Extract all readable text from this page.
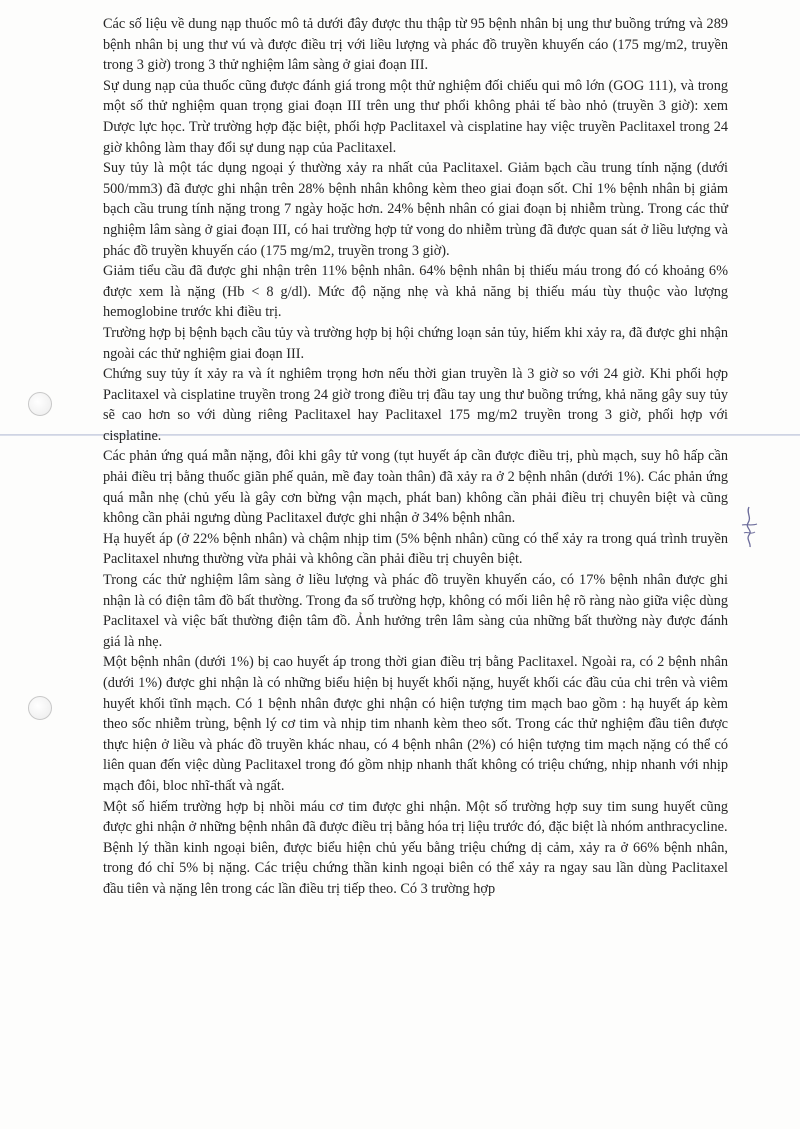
Các số liệu về dung nạp thuốc mô tả dưới đây được thu thập từ 95 bệnh nhân bị ung thư buồng trứng và 289 bệnh nhân bị ung thư vú và được điều trị với liều lượng và phác đồ truyền khuyến cáo (175 mg/m2, truyền trong 3 giờ) trong 3 thử nghiệm lâm sàng ở giai đoạn III.

Sự dung nạp của thuốc cũng được đánh giá trong một thử nghiệm đối chiếu qui mô lớn (GOG 111), và trong một số thử nghiệm quan trọng giai đoạn III trên ung thư phổi không phải tế bào nhỏ (truyền 3 giờ): xem Dược lực học. Trừ trường hợp đặc biệt, phối hợp Paclitaxel và cisplatine hay việc truyền Paclitaxel trong 24 giờ không làm thay đổi sự dung nạp của Paclitaxel.

Suy tủy là một tác dụng ngoại ý thường xảy ra nhất của Paclitaxel. Giảm bạch cầu trung tính nặng (dưới 500/mm3) đã được ghi nhận trên 28% bệnh nhân không kèm theo giai đoạn sốt. Chỉ 1% bệnh nhân bị giảm bạch cầu trung tính nặng trong 7 ngày hoặc hơn. 24% bệnh nhân có giai đoạn bị nhiễm trùng. Trong các thử nghiệm lâm sàng ở giai đoạn III, có hai trường hợp tử vong do nhiễm trùng đã được quan sát ở liều lượng và phác đồ truyền khuyến cáo (175 mg/m2, truyền trong 3 giờ).

Giảm tiểu cầu đã được ghi nhận trên 11% bệnh nhân. 64% bệnh nhân bị thiếu máu trong đó có khoảng 6% được xem là nặng (Hb < 8 g/dl). Mức độ nặng nhẹ và khả năng bị thiếu máu tùy thuộc vào lượng hemoglobine trước khi điều trị.

Trường hợp bị bệnh bạch cầu tủy và trường hợp bị hội chứng loạn sản tủy, hiếm khi xảy ra, đã được ghi nhận ngoài các thử nghiệm giai đoạn III.

Chứng suy tủy ít xảy ra và ít nghiêm trọng hơn nếu thời gian truyền là 3 giờ so với 24 giờ. Khi phối hợp Paclitaxel và cisplatine truyền trong 24 giờ trong điều trị đầu tay ung thư buồng trứng, khả năng gây suy tủy sẽ cao hơn so với dùng riêng Paclitaxel hay Paclitaxel 175 mg/m2 truyền trong 3 giờ, phối hợp với cisplatine.

Các phản ứng quá mẫn nặng, đôi khi gây tử vong (tụt huyết áp cần được điều trị, phù mạch, suy hô hấp cần phải điều trị bằng thuốc giãn phế quản, mề đay toàn thân) đã xảy ra ở 2 bệnh nhân (dưới 1%). Các phản ứng quá mẫn nhẹ (chủ yếu là gây cơn bừng vận mạch, phát ban) không cần phải điều trị chuyên biệt và cũng không cần phải ngưng dùng Paclitaxel được ghi nhận ở 34% bệnh nhân.

Hạ huyết áp (ở 22% bệnh nhân) và chậm nhịp tim (5% bệnh nhân) cũng có thể xảy ra trong quá trình truyền Paclitaxel nhưng thường vừa phải và không cần phải điều trị chuyên biệt.

Trong các thử nghiệm lâm sàng ở liều lượng và phác đồ truyền khuyến cáo, có 17% bệnh nhân được ghi nhận là có điện tâm đồ bất thường. Trong đa số trường hợp, không có mối liên hệ rõ ràng nào giữa việc dùng Paclitaxel và việc bất thường điện tâm đồ. Ảnh hưởng trên lâm sàng của những bất thường này được đánh giá là nhẹ.

Một bệnh nhân (dưới 1%) bị cao huyết áp trong thời gian điều trị bằng Paclitaxel. Ngoài ra, có 2 bệnh nhân (dưới 1%) được ghi nhận là có những biểu hiện bị huyết khối nặng, huyết khối các đầu của chi trên và viêm huyết khối tĩnh mạch. Có 1 bệnh nhân được ghi nhận có hiện tượng tim mạch bao gồm : hạ huyết áp kèm theo sốc nhiễm trùng, bệnh lý cơ tim và nhịp tim nhanh kèm theo sốt. Trong các thử nghiệm đầu tiên được thực hiện ở liều và phác đồ truyền khác nhau, có 4 bệnh nhân (2%) có hiện tượng tim mạch nặng có thể có liên quan đến việc dùng Paclitaxel trong đó gồm nhịp nhanh thất không có triệu chứng, nhịp nhanh với nhịp mạch đôi, bloc nhĩ-thất và ngất.

Một số hiếm trường hợp bị nhồi máu cơ tim được ghi nhận. Một số trường hợp suy tim sung huyết cũng được ghi nhận ở những bệnh nhân đã được điều trị bằng hóa trị liệu trước đó, đặc biệt là nhóm anthracycline.

Bệnh lý thần kinh ngoại biên, được biểu hiện chủ yếu bằng triệu chứng dị cảm, xảy ra ở 66% bệnh nhân, trong đó chỉ 5% bị nặng. Các triệu chứng thần kinh ngoại biên có thể xảy ra ngay sau lần dùng Paclitaxel đầu tiên và nặng lên trong các lần điều trị tiếp theo. Có 3 trường hợp
